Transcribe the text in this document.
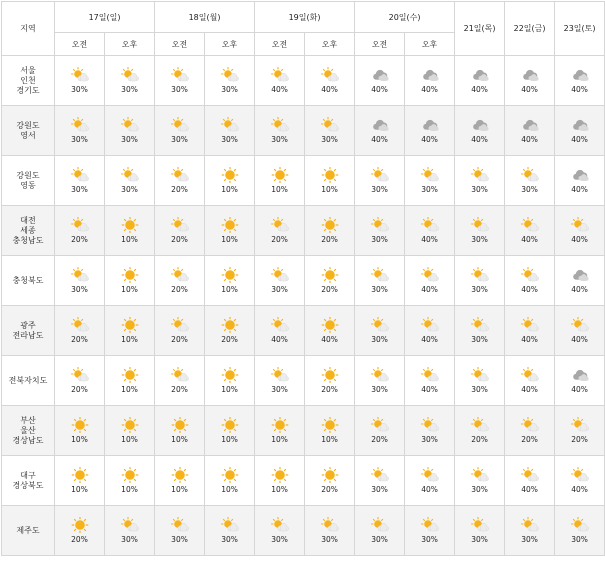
지역	17일(일)		18일(월)		19일(화)		20일(수)		21일(목)	22일(금)	23일(토)
	오전	오후	오전	오후	오전	오후	오전	오후			

서울
인천
경기도	30%	30%	30%	30%	40%	40%	40%	40%	40%	40%	40%

강원도
영서	30%	30%	30%	30%	30%	30%	40%	40%	40%	40%	40%

강원도
영동	30%	30%	20%	10%	10%	10%	30%	30%	30%	30%	40%

대전
세종
충청남도	20%	10%	20%	10%	20%	20%	30%	40%	30%	40%	40%

충청북도	30%	10%	20%	10%	30%	20%	30%	40%	30%	40%	40%

광주
전라남도	20%	10%	20%	20%	40%	40%	30%	40%	30%	40%	40%

전북자치도	20%	10%	20%	10%	30%	20%	30%	40%	30%	40%	40%

부산
울산
경상남도	10%	10%	10%	10%	10%	10%	20%	30%	20%	20%	20%

대구
경상북도	10%	10%	10%	10%	10%	20%	30%	40%	30%	40%	40%

제주도	20%	30%	30%	30%	30%	30%	30%	30%	30%	30%	30%
